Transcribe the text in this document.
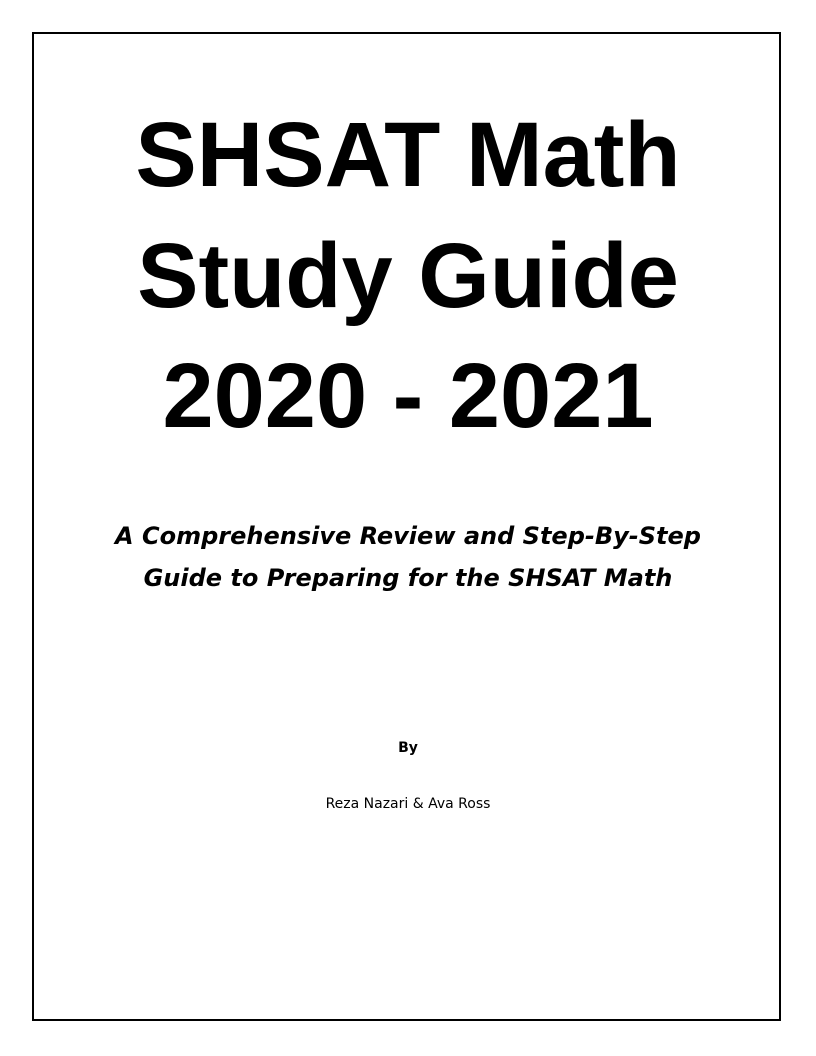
SHSAT Math
Study Guide
2020 - 2021
A Comprehensive Review and Step-By-Step
Guide to Preparing for the SHSAT Math
By
Reza Nazari & Ava Ross
